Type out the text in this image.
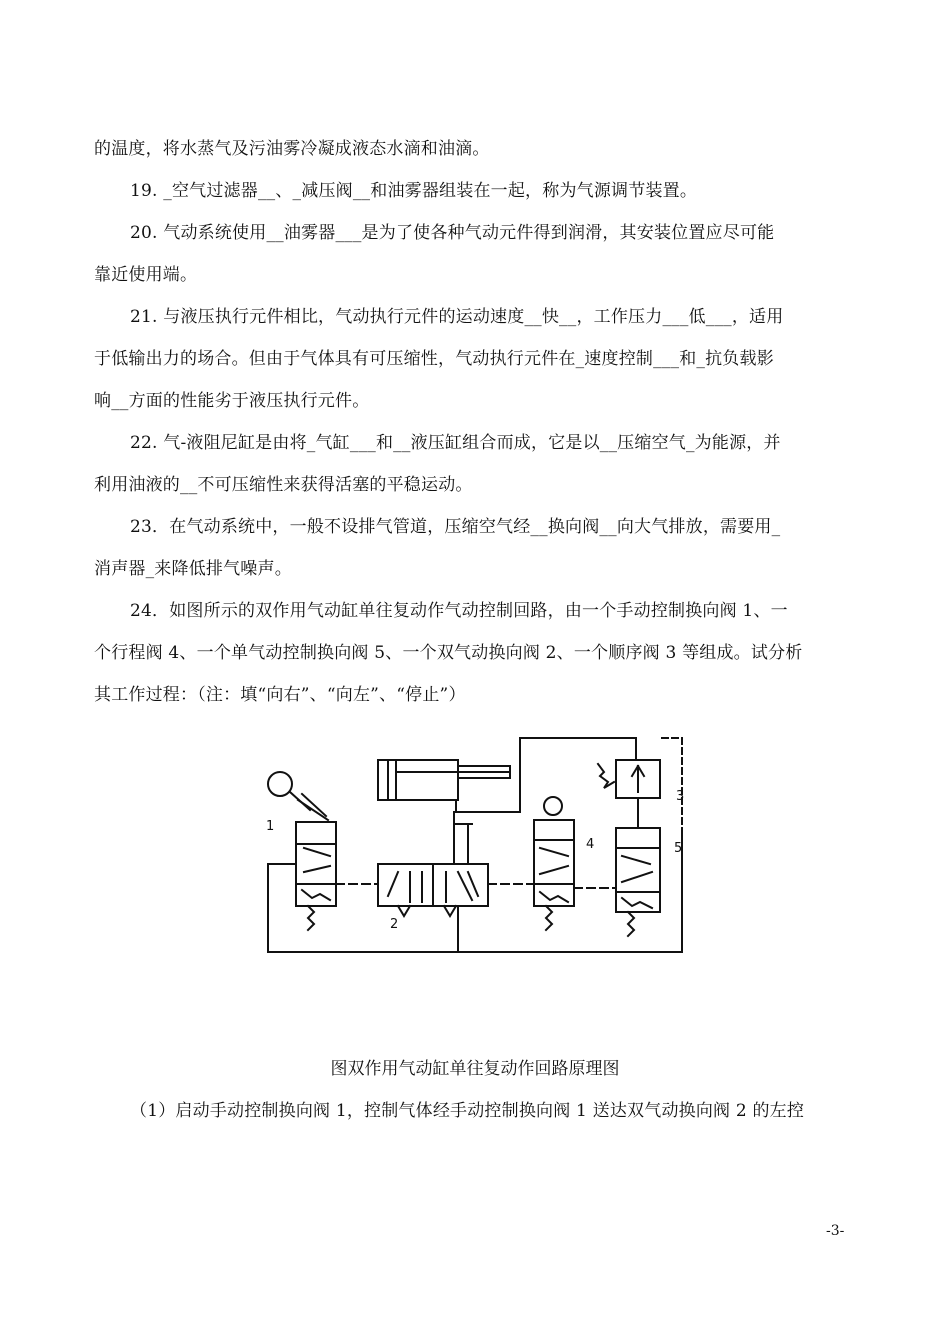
的温度，将水蒸气及污油雾冷凝成液态水滴和油滴。
19. _空气过滤器__、_减压阀__和油雾器组装在一起，称为气源调节装置。
20. 气动系统使用__油雾器___是为了使各种气动元件得到润滑，其安装位置应尽可能
靠近使用端。
21. 与液压执行元件相比，气动执行元件的运动速度__快__，工作压力___低___，适用
于低输出力的场合。但由于气体具有可压缩性，气动执行元件在_速度控制___和_抗负载影
响__方面的性能劣于液压执行元件。
22. 气-液阻尼缸是由将_气缸___和__液压缸组合而成，它是以__压缩空气_为能源，并
利用油液的__不可压缩性来获得活塞的平稳运动。
23．在气动系统中，一般不设排气管道，压缩空气经__换向阀__向大气排放，需要用_
消声器_来降低排气噪声。
24．如图所示的双作用气动缸单往复动作气动控制回路，由一个手动控制换向阀 1、一
个行程阀 4、一个单气动控制换向阀 5、一个双气动换向阀 2、一个顺序阀 3 等组成。试分析
其工作过程：（注：填“向右”、“向左”、“停止”）
1
2
3
4	5
图双作用气动缸单往复动作回路原理图
（1）启动手动控制换向阀 1，控制气体经手动控制换向阀 1 送达双气动换向阀 2 的左控
-3-
